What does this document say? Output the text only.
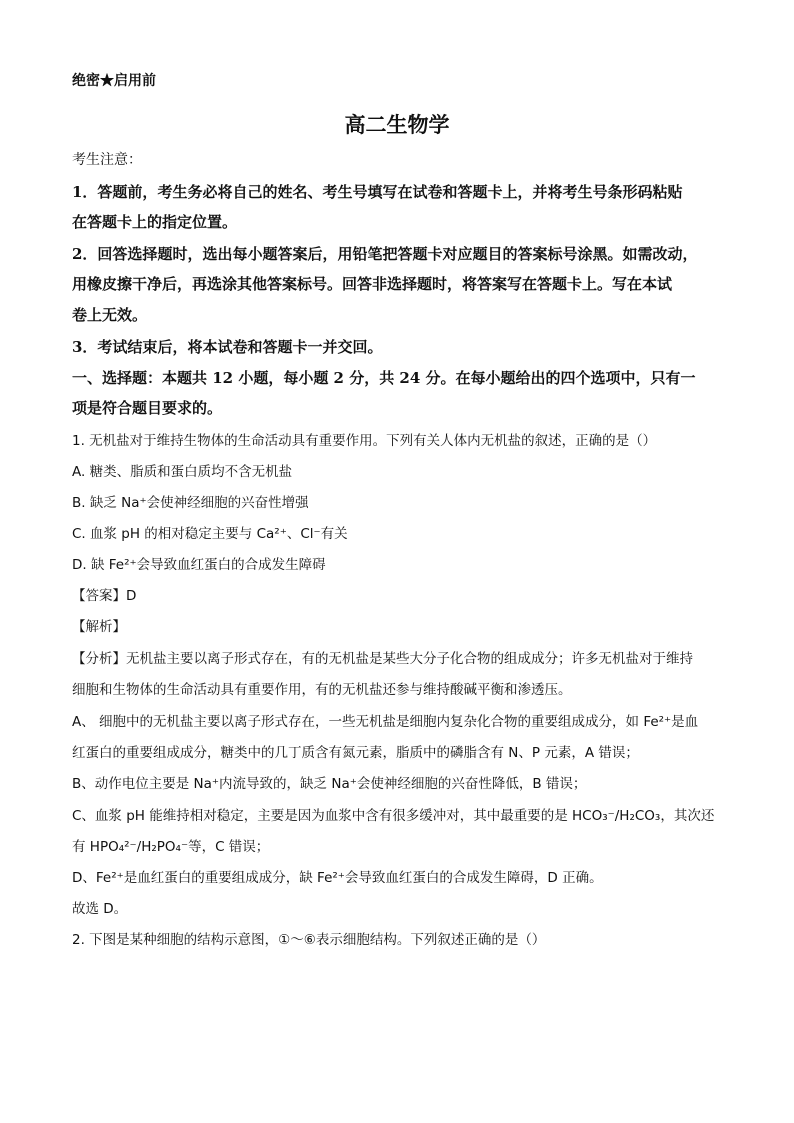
绝密★启用前
高二生物学
考生注意：
1．答题前，考生务必将自己的姓名、考生号填写在试卷和答题卡上，并将考生号条形码粘贴
在答题卡上的指定位置。
2．回答选择题时，选出每小题答案后，用铅笔把答题卡对应题目的答案标号涂黑。如需改动，
用橡皮擦干净后，再选涂其他答案标号。回答非选择题时，将答案写在答题卡上。写在本试
卷上无效。
3．考试结束后，将本试卷和答题卡一并交回。
一、选择题：本题共 12 小题，每小题 2 分，共 24 分。在每小题给出的四个选项中，只有一
项是符合题目要求的。
1. 无机盐对于维持生物体的生命活动具有重要作用。下列有关人体内无机盐的叙述，正确的是（）
A. 糖类、脂质和蛋白质均不含无机盐
B. 缺乏 Na⁺会使神经细胞的兴奋性增强
C. 血浆 pH 的相对稳定主要与 Ca²⁺、Cl⁻有关
D. 缺 Fe²⁺会导致血红蛋白的合成发生障碍
【答案】D
【解析】
【分析】无机盐主要以离子形式存在，有的无机盐是某些大分子化合物的组成成分；许多无机盐对于维持
细胞和生物体的生命活动具有重要作用，有的无机盐还参与维持酸碱平衡和渗透压。
A、 细胞中的无机盐主要以离子形式存在，一些无机盐是细胞内复杂化合物的重要组成成分，如 Fe²⁺是血
红蛋白的重要组成成分，糖类中的几丁质含有氮元素，脂质中的磷脂含有 N、P 元素，A 错误；
B、动作电位主要是 Na⁺内流导致的，缺乏 Na⁺会使神经细胞的兴奋性降低，B 错误；
C、血浆 pH 能维持相对稳定，主要是因为血浆中含有很多缓冲对，其中最重要的是 HCO₃⁻/H₂CO₃，其次还
有 HPO₄²⁻/H₂PO₄⁻等，C 错误；
D、Fe²⁺是血红蛋白的重要组成成分，缺 Fe²⁺会导致血红蛋白的合成发生障碍，D 正确。
故选 D。
2. 下图是某种细胞的结构示意图，①～⑥表示细胞结构。下列叙述正确的是（）
